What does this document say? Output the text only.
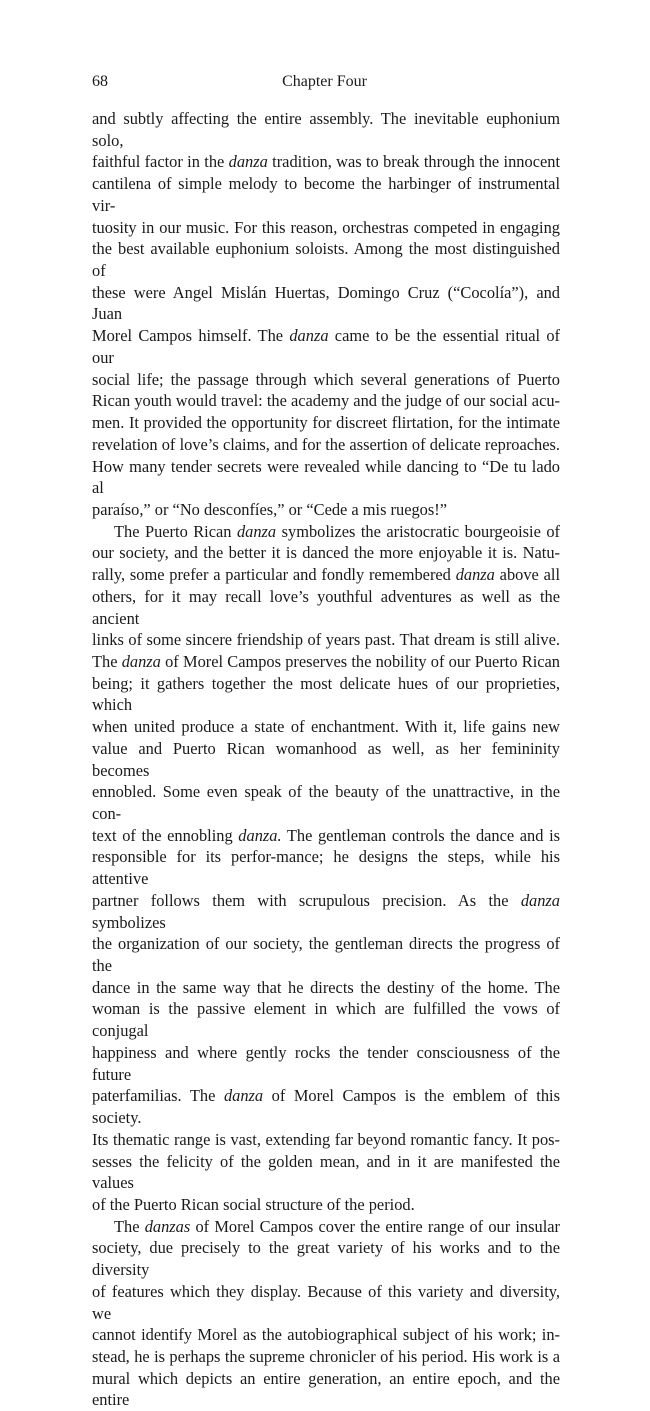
68	Chapter Four

and subtly affecting the entire assembly. The inevitable euphonium solo,

faithful factor in the danza tradition, was to break through the innocent

cantilena of simple melody to become the harbinger of instrumental vir-

tuosity in our music. For this reason, orchestras competed in engaging

the best available euphonium soloists. Among the most distinguished of

these were Angel Mislán Huertas, Domingo Cruz (“Cocolía”), and Juan

Morel Campos himself. The danza came to be the essential ritual of our

social life; the passage through which several generations of Puerto

Rican youth would travel: the academy and the judge of our social acu-

men. It provided the opportunity for discreet flirtation, for the intimate

revelation of love’s claims, and for the assertion of delicate reproaches.

How many tender secrets were revealed while dancing to “De tu lado al

paraíso,” or “No desconfíes,” or “Cede a mis ruegos!”

The Puerto Rican danza symbolizes the aristocratic bourgeoisie of

our society, and the better it is danced the more enjoyable it is. Natu-

rally, some prefer a particular and fondly remembered danza above all

others, for it may recall love’s youthful adventures as well as the ancient

links of some sincere friendship of years past. That dream is still alive.

The danza of Morel Campos preserves the nobility of our Puerto Rican

being; it gathers together the most delicate hues of our proprieties, which

when united produce a state of enchantment. With it, life gains new

value and Puerto Rican womanhood as well, as her femininity becomes

ennobled. Some even speak of the beauty of the unattractive, in the con-

text of the ennobling danza. The gentleman controls the dance and is

responsible for its perfor-mance; he designs the steps, while his attentive

partner follows them with scrupulous precision. As the danza symbolizes

the organization of our society, the gentleman directs the progress of the

dance in the same way that he directs the destiny of the home. The

woman is the passive element in which are fulfilled the vows of conjugal

happiness and where gently rocks the tender consciousness of the future

paterfamilias. The danza of Morel Campos is the emblem of this society.

Its thematic range is vast, extending far beyond romantic fancy. It pos-

sesses the felicity of the golden mean, and in it are manifested the values

of the Puerto Rican social structure of the period.

The danzas of Morel Campos cover the entire range of our insular

society, due precisely to the great variety of his works and to the diversity

of features which they display. Because of this variety and diversity, we

cannot identify Morel as the autobiographical subject of his work; in-

stead, he is perhaps the supreme chronicler of his period. His work is a

mural which depicts an entire generation, an entire epoch, and the entire
